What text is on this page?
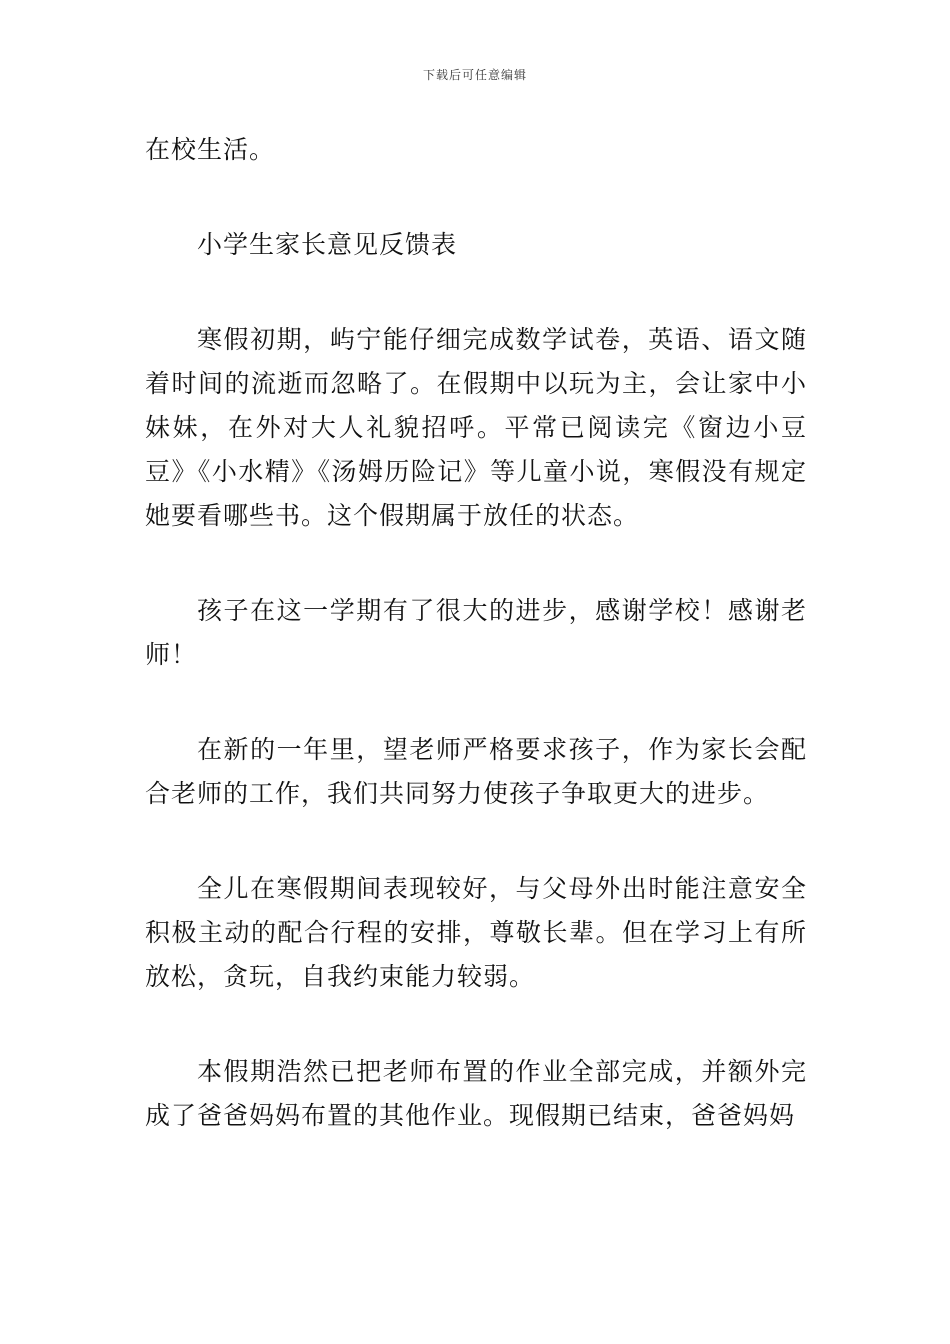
下载后可任意编辑

在校生活。

小学生家长意见反馈表

寒假初期，屿宁能仔细完成数学试卷，英语、语文随着时间的流逝而忽略了。在假期中以玩为主，会让家中小妹妹，在外对大人礼貌招呼。平常已阅读完《窗边小豆豆》《小水精》《汤姆历险记》等儿童小说，寒假没有规定她要看哪些书。这个假期属于放任的状态。

孩子在这一学期有了很大的进步，感谢学校！感谢老师！

在新的一年里，望老师严格要求孩子，作为家长会配合老师的工作，我们共同努力使孩子争取更大的进步。

全儿在寒假期间表现较好，与父母外出时能注意安全积极主动的配合行程的安排，尊敬长辈。但在学习上有所放松，贪玩，自我约束能力较弱。

本假期浩然已把老师布置的作业全部完成，并额外完成了爸爸妈妈布置的其他作业。现假期已结束，爸爸妈妈
